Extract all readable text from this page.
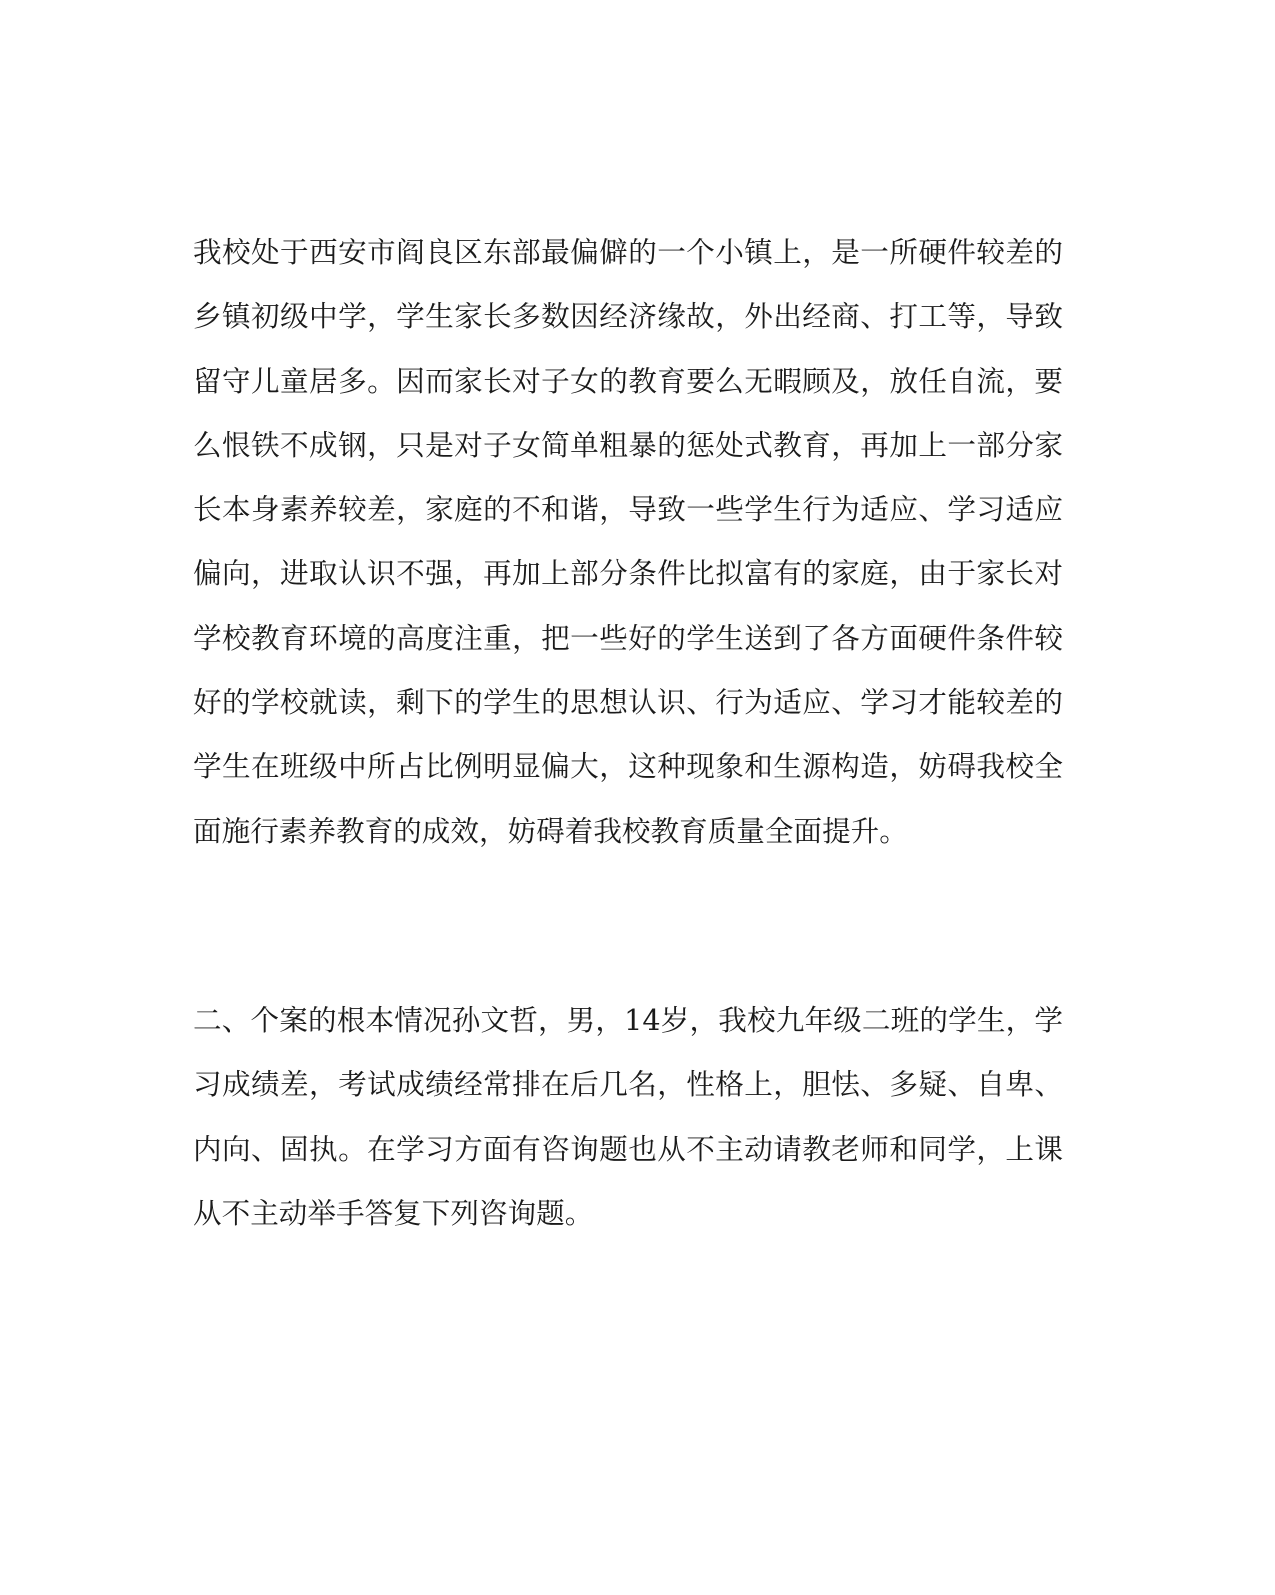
我校处于西安市阎良区东部最偏僻的一个小镇上，是一所硬件较差的
乡镇初级中学，学生家长多数因经济缘故，外出经商、打工等，导致
留守儿童居多。因而家长对子女的教育要么无暇顾及，放任自流，要
么恨铁不成钢，只是对子女简单粗暴的惩处式教育，再加上一部分家
长本身素养较差，家庭的不和谐，导致一些学生行为适应、学习适应
偏向，进取认识不强，再加上部分条件比拟富有的家庭，由于家长对
学校教育环境的高度注重，把一些好的学生送到了各方面硬件条件较
好的学校就读，剩下的学生的思想认识、行为适应、学习才能较差的
学生在班级中所占比例明显偏大，这种现象和生源构造，妨碍我校全
面施行素养教育的成效，妨碍着我校教育质量全面提升。
二、个案的根本情况孙文哲，男，14岁，我校九年级二班的学生，学
习成绩差，考试成绩经常排在后几名，性格上，胆怯、多疑、自卑、
内向、固执。在学习方面有咨询题也从不主动请教老师和同学，上课
从不主动举手答复下列咨询题。
